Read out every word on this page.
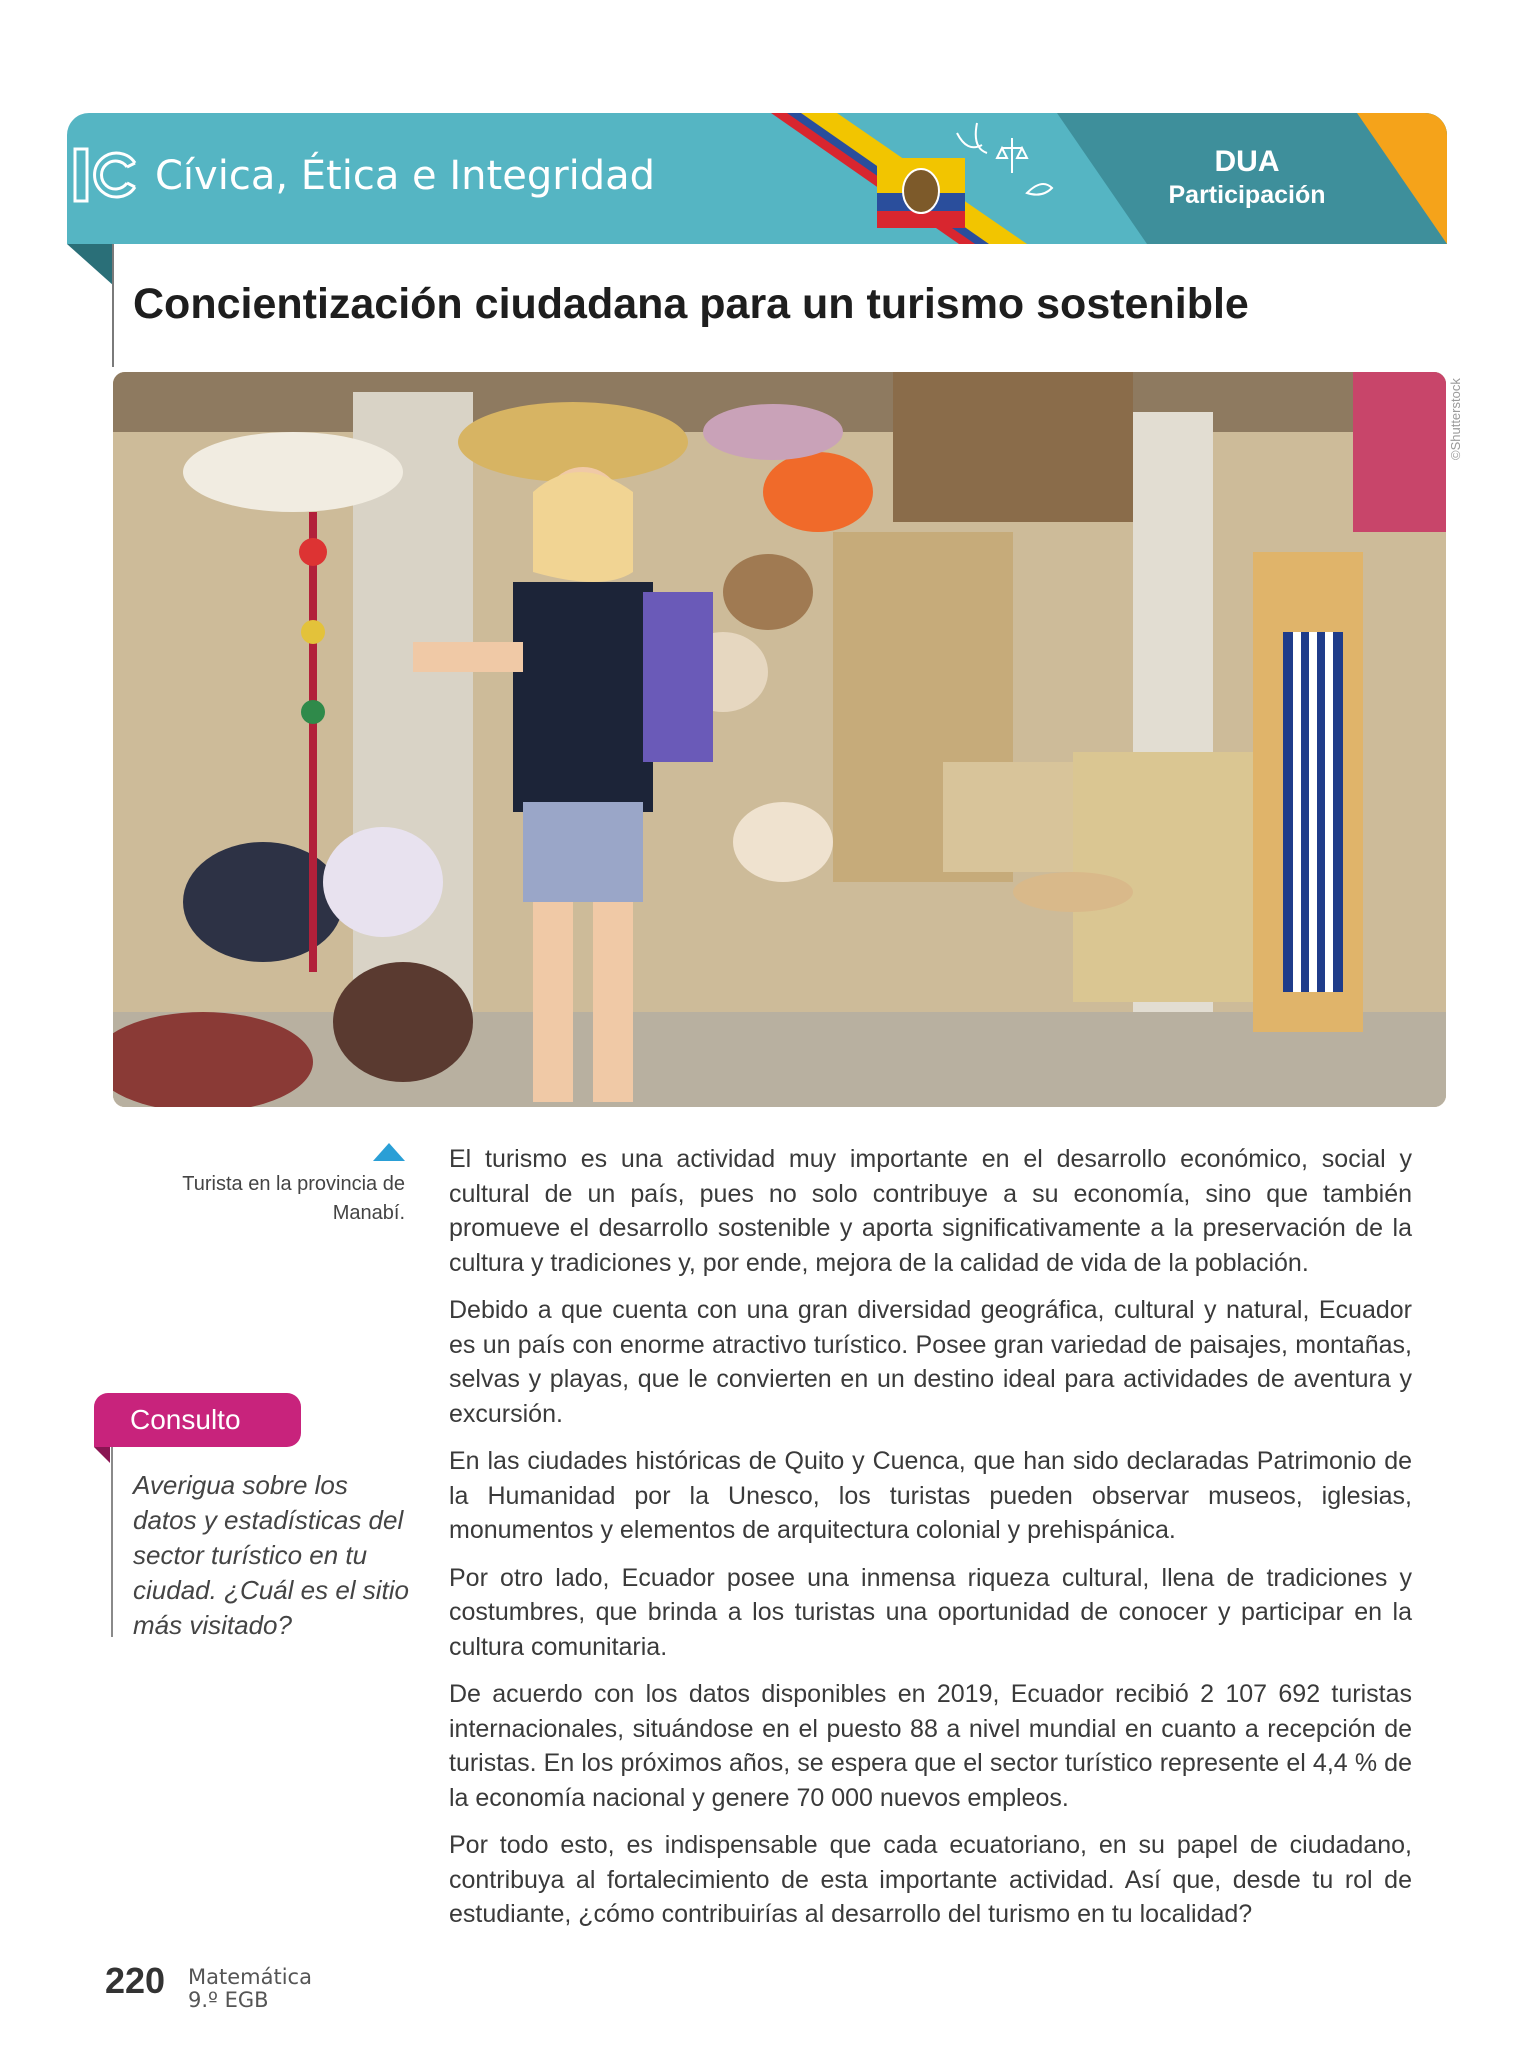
Cívica, Ética e Integridad	DUA
Participación
Concientización ciudadana para un turismo sostenible
©Shutterstock
Turista en la provincia de Manabí.
Consulto
Averigua sobre los datos y estadísticas del sector turístico en tu ciudad. ¿Cuál es el sitio más visitado?

El turismo es una actividad muy importante en el desarrollo económico, social y cultural de un país, pues no solo contribuye a su economía, sino que también promueve el desarrollo sostenible y aporta significativamente a la preservación de la cultura y tradiciones y, por ende, mejora de la calidad de vida de la población.

Debido a que cuenta con una gran diversidad geográfica, cultural y natural, Ecuador es un país con enorme atractivo turístico. Posee gran variedad de paisajes, montañas, selvas y playas, que le convierten en un destino ideal para actividades de aventura y excursión.

En las ciudades históricas de Quito y Cuenca, que han sido declaradas Patrimonio de la Humanidad por la Unesco, los turistas pueden observar museos, iglesias, monumentos y elementos de arquitectura colonial y prehispánica.

Por otro lado, Ecuador posee una inmensa riqueza cultural, llena de tradiciones y costumbres, que brinda a los turistas una oportunidad de conocer y participar en la cultura comunitaria.

De acuerdo con los datos disponibles en 2019, Ecuador recibió 2 107 692 turistas internacionales, situándose en el puesto 88 a nivel mundial en cuanto a recepción de turistas. En los próximos años, se espera que el sector turístico represente el 4,4 % de la economía nacional y genere 70 000 nuevos empleos.

Por todo esto, es indispensable que cada ecuatoriano, en su papel de ciudadano, contribuya al fortalecimiento de esta importante actividad. Así que, desde tu rol de estudiante, ¿cómo contribuirías al desarrollo del turismo en tu localidad?

220 Matemática
9.º EGB
